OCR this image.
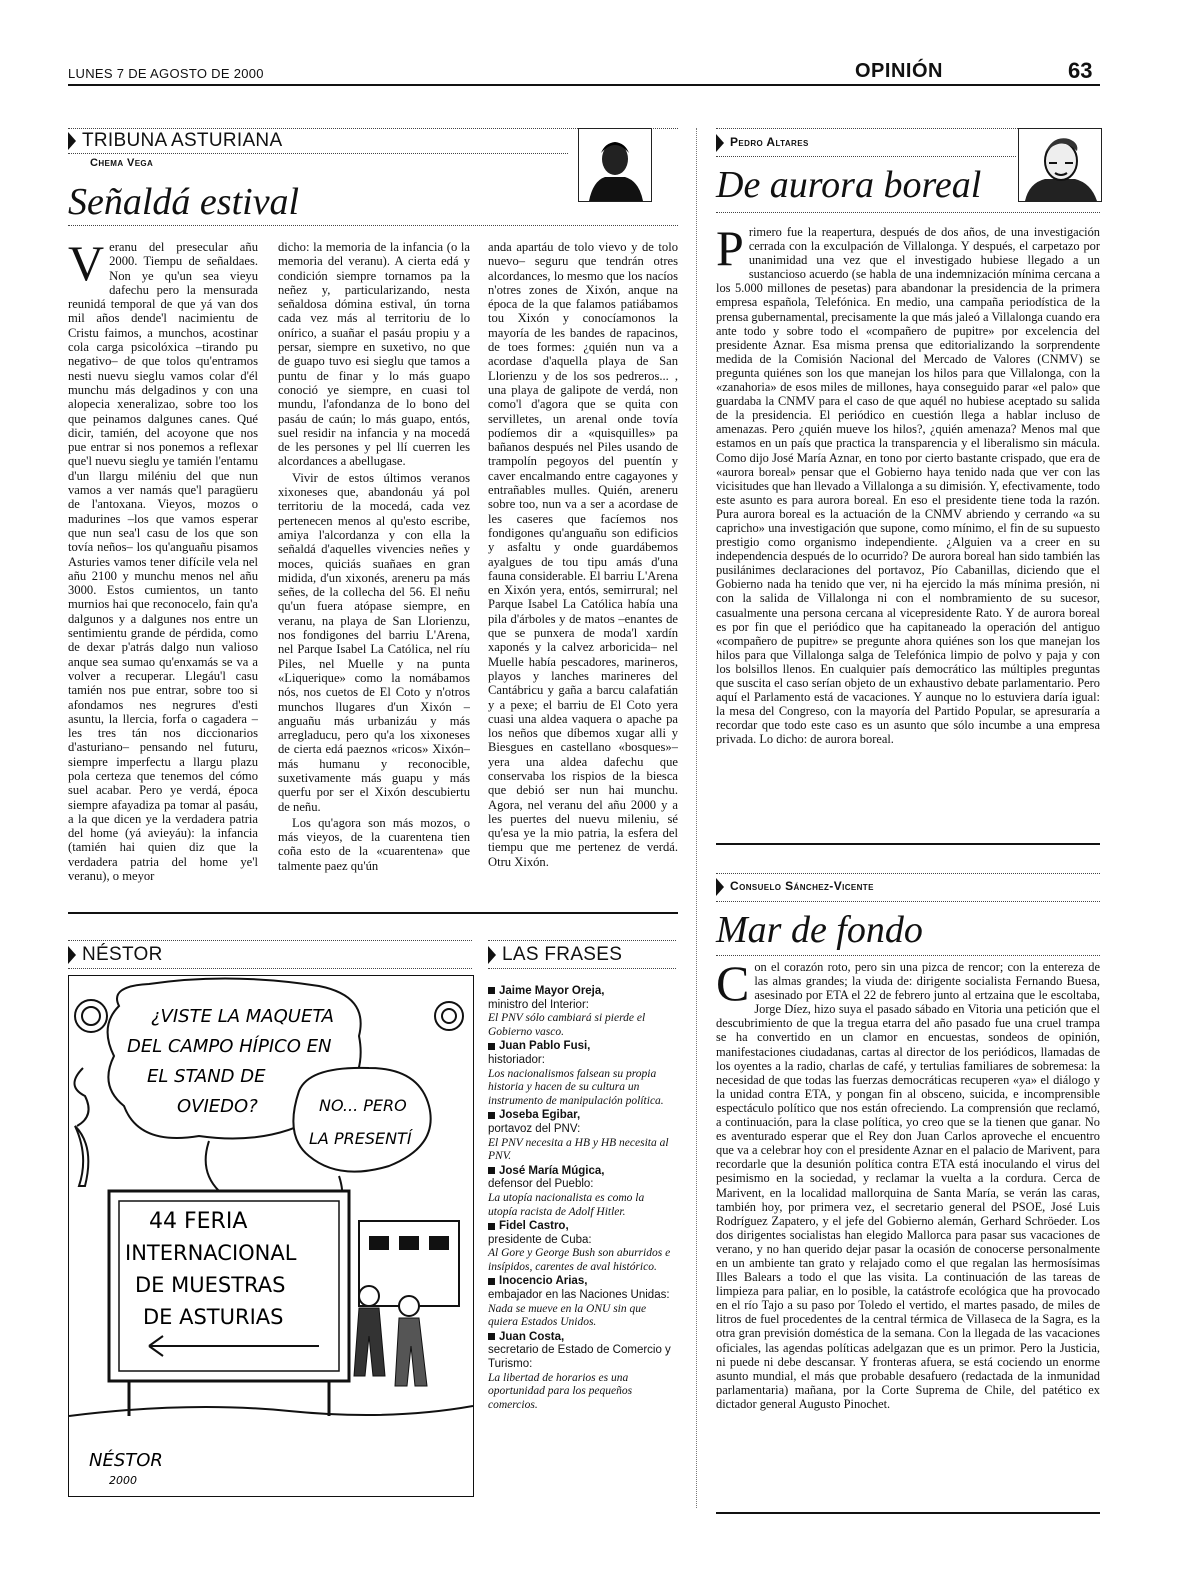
LUNES 7 DE AGOSTO DE 2000	OPINIÓN	63
TRIBUNA ASTURIANA
Chema Vega
Señaldá estival

Veranu del presecular añu 2000. Tiempu de señaldaes. Non ye qu'un sea vieyu dafechu pero la mensurada reunidá temporal de que yá van dos mil años dende'l nacimientu de Cristu faimos, a munchos, acostinar cola carga psicolóxica –tirando pu negativo– de que tolos qu'entramos nesti nuevu sieglu vamos colar d'él munchu más delgadinos y con una alopecia xeneralizao, sobre too los que peinamos dalgunes canes. Qué dicir, tamién, del acoyone que nos pue entrar si nos ponemos a reflexar que'l nuevu sieglu ye tamién l'entamu d'un llargu miléniu del que nun vamos a ver namás que'l paragüeru de l'antoxana. Vieyos, mozos o madurines –los que vamos esperar que nun sea'l casu de los que son tovía neños– los qu'anguañu pisamos Asturies vamos tener difícile vela nel añu 2100 y munchu menos nel añu 3000. Estos cumientos, un tanto murnios hai que reconocelo, fain qu'a dalgunos y a dalgunes nos entre un sentimientu grande de pérdida, como de dexar p'atrás dalgo nun valioso anque sea sumao qu'enxamás se va a volver a recuperar. Llegáu'l casu tamién nos pue entrar, sobre too si afondamos nes negrures d'esti asuntu, la llercia, forfa o cagadera –les tres tán nos diccionarios d'asturiano– pensando nel futuru, siempre imperfectu a llargu plazu pola certeza que tenemos del cómo suel acabar. Pero ye verdá, época siempre afayadiza pa tomar al pasáu, a la que dicen ye la verdadera patria del home (yá avieyáu): la infancia (tamién hai quien diz que la verdadera patria del home ye'l veranu), o meyor

dicho: la memoria de la infancia (o la memoria del veranu). A cierta edá y condición siempre tornamos pa la neñez y, particularizando, nesta señaldosa dómina estival, ún torna cada vez más al territoriu de lo onírico, a suañar el pasáu propiu y a persar, siempre en suxetivo, no que de guapo tuvo esi sieglu que tamos a puntu de finar y lo más guapo conoció ye siempre, en cuasi tol mundu, l'afondanza de lo bono del pasáu de caún; lo más guapo, entós, suel residir na infancia y na mocedá de les persones y pel llí cuerren les alcordances a abellugase.

Vivir de estos últimos veranos xixoneses que, abandonáu yá pol territoriu de la mocedá, cada vez pertenecen menos al qu'esto escribe, amiya l'alcordanza y con ella la señaldá d'aquelles vivencies neñes y moces, quiciás suañaes en gran midida, d'un xixonés, areneru pa más señes, de la collecha del 56. El neñu qu'un fuera atópase siempre, en veranu, na playa de San Llorienzu, nos fondigones del barriu L'Arena, nel Parque Isabel La Católica, nel ríu Piles, nel Muelle y na punta «Liquerique» como la nomábamos nós, nos cuetos de El Coto y n'otros munchos llugares d'un Xixón –anguañu más urbanizáu y más arregladucu, pero qu'a los xixoneses de cierta edá paeznos «ricos» Xixón– más humanu y reconocible, suxetivamente más guapu y más querfu por ser el Xixón descubiertu de neñu.

Los qu'agora son más mozos, o más vieyos, de la cuarentena tien coña esto de la «cuarentena» que talmente paez qu'ún

anda apartáu de tolo vievo y de tolo nuevo– seguru que tendrán otres alcordances, lo mesmo que los nacíos n'otres zones de Xixón, anque na época de la que falamos patiábamos tou Xixón y conocíamonos la mayoría de les bandes de rapacinos, de toes formes: ¿quién nun va a acordase d'aquella playa de San Llorienzu y de los sos pedreros... , una playa de galipote de verdá, non como'l d'agora que se quita con servilletes, un arenal onde tovía podíemos dir a «quisquilles» pa bañanos después nel Piles usando de trampolín pegoyos del puentín y caver encalmando entre cagayones y entrañables mulles. Quién, areneru sobre too, nun va a ser a acordase de les caseres que facíemos nos fondigones qu'anguañu son edificios y asfaltu y onde guardábemos ayalgues de tou tipu amás d'una fauna considerable. El barriu L'Arena en Xixón yera, entós, semirrural; nel Parque Isabel La Católica había una pila d'árboles y de matos –enantes de que se punxera de moda'l xardín xaponés y la calvez arboricida– nel Muelle había pescadores, marineros, playos y lanches marineres del Cantábricu y gaña a barcu calafatián y a pexe; el barriu de El Coto yera cuasi una aldea vaquera o apache pa los neños que díbemos xugar alli y Biesgues en castellano «bosques»– yera una aldea dafechu que conservaba los rispios de la biesca que debió ser nun hai munchu. Agora, nel veranu del añu 2000 y a les puertes del nuevu mileniu, sé qu'esa ye la mio patria, la esfera del tiempu que me pertenez de verdá. Otru Xixón.

Pedro Altares
De aurora boreal

Primero fue la reapertura, después de dos años, de una investigación cerrada con la exculpación de Villalonga. Y después, el carpetazo por unanimidad una vez que el investigado hubiese llegado a un sustancioso acuerdo (se habla de una indemnización mínima cercana a los 5.000 millones de pesetas) para abandonar la presidencia de la primera empresa española, Telefónica. En medio, una campaña periodística de la prensa gubernamental, precisamente la que más jaleó a Villalonga cuando era ante todo y sobre todo el «compañero de pupitre» por excelencia del presidente Aznar. Esa misma prensa que editorializando la sorprendente medida de la Comisión Nacional del Mercado de Valores (CNMV) se pregunta quiénes son los que manejan los hilos para que Villalonga, con la «zanahoria» de esos miles de millones, haya conseguido parar «el palo» que guardaba la CNMV para el caso de que aquél no hubiese aceptado su salida de la presidencia. El periódico en cuestión llega a hablar incluso de amenazas. Pero ¿quién mueve los hilos?, ¿quién amenaza? Menos mal que estamos en un país que practica la transparencia y el liberalismo sin mácula. Como dijo José María Aznar, en tono por cierto bastante crispado, que era de «aurora boreal» pensar que el Gobierno haya tenido nada que ver con las vicisitudes que han llevado a Villalonga a su dimisión. Y, efectivamente, todo este asunto es para aurora boreal. En eso el presidente tiene toda la razón. Pura aurora boreal es la actuación de la CNMV abriendo y cerrando «a su capricho» una investigación que supone, como mínimo, el fin de su supuesto prestigio como organismo independiente. ¿Alguien va a creer en su independencia después de lo ocurrido? De aurora boreal han sido también las pusilánimes declaraciones del portavoz, Pío Cabanillas, diciendo que el Gobierno nada ha tenido que ver, ni ha ejercido la más mínima presión, ni con la salida de Villalonga ni con el nombramiento de su sucesor, casualmente una persona cercana al vicepresidente Rato. Y de aurora boreal es por fin que el periódico que ha capitaneado la operación del antiguo «compañero de pupitre» se pregunte ahora quiénes son los que manejan los hilos para que Villalonga salga de Telefónica limpio de polvo y paja y con los bolsillos llenos. En cualquier país democrático las múltiples preguntas que suscita el caso serían objeto de un exhaustivo debate parlamentario. Pero aquí el Parlamento está de vacaciones. Y aunque no lo estuviera daría igual: la mesa del Congreso, con la mayoría del Partido Popular, se apresuraría a recordar que todo este caso es un asunto que sólo incumbe a una empresa privada. Lo dicho: de aurora boreal.

Consuelo Sánchez-Vicente
Mar de fondo

Con el corazón roto, pero sin una pizca de rencor; con la entereza de las almas grandes; la viuda de: dirigente socialista Fernando Buesa, asesinado por ETA el 22 de febrero junto al ertzaina que le escoltaba, Jorge Díez, hizo suya el pasado sábado en Vitoria una petición que el descubrimiento de que la tregua etarra del año pasado fue una cruel trampa se ha convertido en un clamor en encuestas, sondeos de opinión, manifestaciones ciudadanas, cartas al director de los periódicos, llamadas de los oyentes a la radio, charlas de café, y tertulias familiares de sobremesa: la necesidad de que todas las fuerzas democráticas recuperen «ya» el diálogo y la unidad contra ETA, y pongan fin al obsceno, suicida, e incomprensible espectáculo político que nos están ofreciendo. La comprensión que reclamó, a continuación, para la clase política, yo creo que se la tienen que ganar. No es aventurado esperar que el Rey don Juan Carlos aproveche el encuentro que va a celebrar hoy con el presidente Aznar en el palacio de Marivent, para recordarle que la desunión política contra ETA está inoculando el virus del pesimismo en la sociedad, y reclamar la vuelta a la cordura. Cerca de Marivent, en la localidad mallorquina de Santa María, se verán las caras, también hoy, por primera vez, el secretario general del PSOE, José Luis Rodríguez Zapatero, y el jefe del Gobierno alemán, Gerhard Schröeder. Los dos dirigentes socialistas han elegido Mallorca para pasar sus vacaciones de verano, y no han querido dejar pasar la ocasión de conocerse personalmente en un ambiente tan grato y relajado como el que regalan las hermosísimas Illes Balears a todo el que las visita. La continuación de las tareas de limpieza para paliar, en lo posible, la catástrofe ecológica que ha provocado en el río Tajo a su paso por Toledo el vertido, el martes pasado, de miles de litros de fuel procedentes de la central térmica de Villaseca de la Sagra, es la otra gran previsión doméstica de la semana. Con la llegada de las vacaciones oficiales, las agendas políticas adelgazan que es un primor. Pero la Justicia, ni puede ni debe descansar. Y fronteras afuera, se está cociendo un enorme asunto mundial, el más que probable desafuero (redactada de la inmunidad parlamentaria) mañana, por la Corte Suprema de Chile, del patético ex dictador general Augusto Pinochet.

NÉSTOR
¿VISTE LA MAQUETA
DEL CAMPO HÍPICO EN
EL STAND DE
OVIEDO?	NO... PERO
LA PRESENTÍ
44 FERIA
INTERNACIONAL
DE MUESTRAS
DE ASTURIAS
NÉSTOR
2000
LAS FRASES
Jaime Mayor Oreja,
ministro del Interior:
El PNV sólo cambiará si pierde el Gobierno vasco.
Juan Pablo Fusi,
historiador:
Los nacionalismos falsean su propia historia y hacen de su cultura un instrumento de manipulación política.
Joseba Egibar,
portavoz del PNV:
El PNV necesita a HB y HB necesita al PNV.
José María Múgica,
defensor del Pueblo:
La utopía nacionalista es como la utopía racista de Adolf Hitler.
Fidel Castro,
presidente de Cuba:
Al Gore y George Bush son aburridos e insípidos, carentes de aval histórico.
Inocencio Arias,
embajador en las Naciones Unidas:
Nada se mueve en la ONU sin que quiera Estados Unidos.
Juan Costa,
secretario de Estado de Comercio y Turismo:
La libertad de horarios es una oportunidad para los pequeños comercios.
